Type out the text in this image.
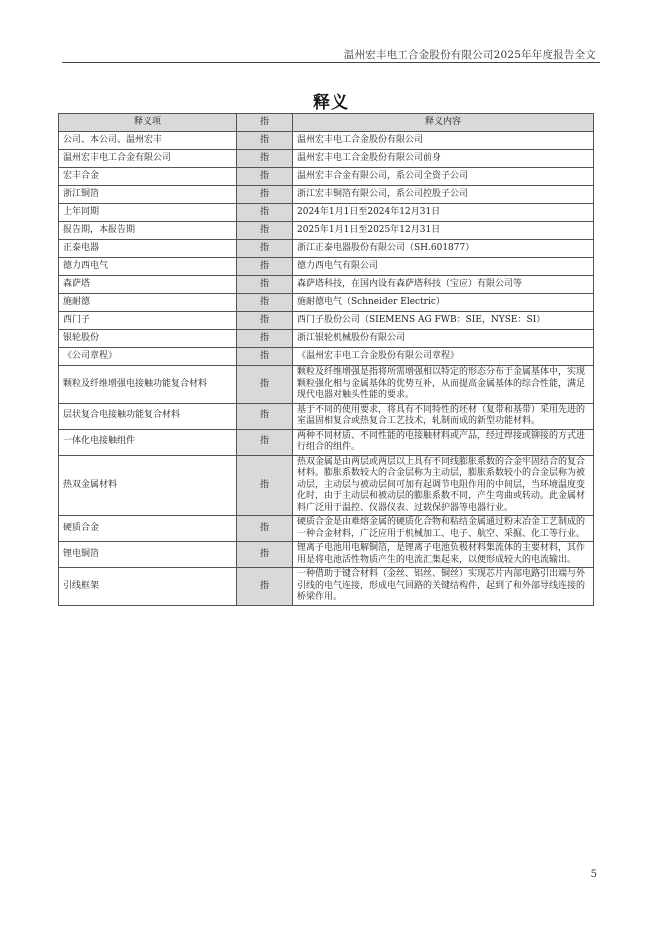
温州宏丰电工合金股份有限公司2025年年度报告全文
释义
释义项	指	释义内容
公司、本公司、温州宏丰	指	温州宏丰电工合金股份有限公司
温州宏丰电工合金有限公司	指	温州宏丰电工合金股份有限公司前身
宏丰合金	指	温州宏丰合金有限公司，系公司全资子公司
浙江铜箔	指	浙江宏丰铜箔有限公司，系公司控股子公司
上年同期	指	2024年1月1日至2024年12月31日
报告期，本报告期	指	2025年1月1日至2025年12月31日
正泰电器	指	浙江正泰电器股份有限公司（SH.601877）
德力西电气	指	德力西电气有限公司
森萨塔	指	森萨塔科技，在国内设有森萨塔科技（宝应）有限公司等
施耐德	指	施耐德电气（Schneider Electric）
西门子	指	西门子股份公司（SIEMENS AG FWB：SIE，NYSE：SI）
银轮股份	指	浙江银轮机械股份有限公司
《公司章程》	指	《温州宏丰电工合金股份有限公司章程》
颗粒及纤维增强电接触功能复合材料	指	颗粒及纤维增强是指将所需增强相以特定的形态分布于金属基体中，实现颗粒强化相与金属基体的优势互补，从而提高金属基体的综合性能，满足现代电器对触头性能的要求。
层状复合电接触功能复合材料	指	基于不同的使用要求，将具有不同特性的坯材（复带和基带）采用先进的室温固相复合或热复合工艺技术，轧制而成的新型功能材料。
一体化电接触组件	指	两种不同材质、不同性能的电接触材料或产品，经过焊接或铆接的方式进行组合的组件。
热双金属材料	指	热双金属是由两层或两层以上具有不同线膨胀系数的合金牢固结合的复合材料。膨胀系数较大的合金层称为主动层，膨胀系数较小的合金层称为被动层，主动层与被动层间可加有起调节电阻作用的中间层，当环境温度变化时，由于主动层和被动层的膨胀系数不同，产生弯曲或转动。此金属材料广泛用于温控、仪器仪表、过载保护器等电器行业。
硬质合金	指	硬质合金是由难熔金属的硬质化合物和粘结金属通过粉末冶金工艺制成的一种合金材料，广泛应用于机械加工、电子、航空、采掘、化工等行业。
锂电铜箔	指	锂离子电池用电解铜箔，是锂离子电池负极材料集流体的主要材料，其作用是将电池活性物质产生的电流汇集起来，以便形成较大的电流输出。
引线框架	指	一种借助于键合材料（金丝、铝丝、铜丝）实现芯片内部电路引出端与外引线的电气连接，形成电气回路的关键结构件，起到了和外部导线连接的桥梁作用。
5
